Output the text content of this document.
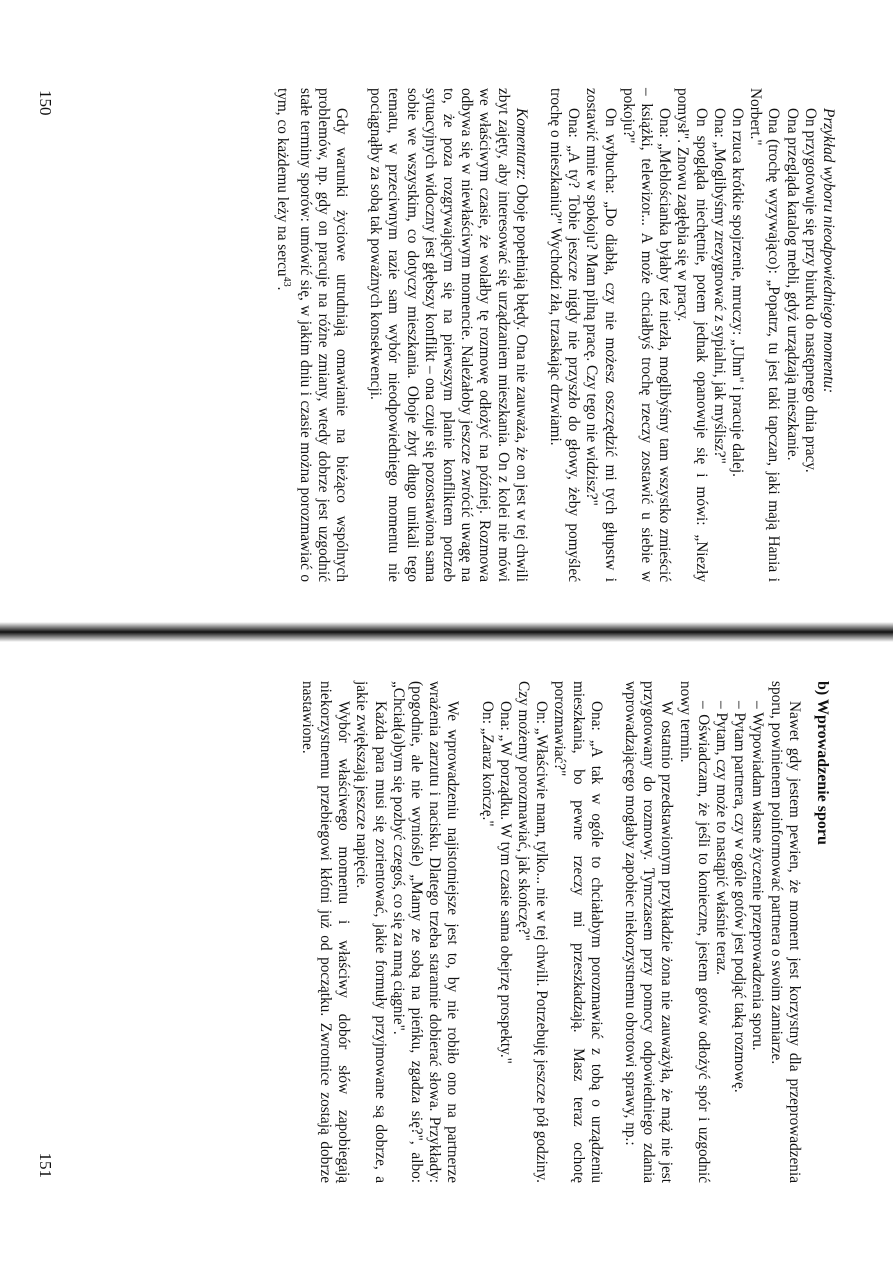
Przykład wyboru nieodpowiedniego momentu:

On przygotowuje się przy biurku do następnego dnia pracy.

Ona przegląda katalog mebli, gdyż urządzają mieszkanie.

Ona (trochę wyzywająco): „Popatrz, tu jest taki tapczan, jaki mają Hania i Norbert."

On rzuca krótkie spojrzenie, mruczy: „Uhm" i pracuje dalej.

Ona: „Moglibyśmy zrezygnować z sypialni, jak myślisz?"

On spogląda niechętnie, potem jednak opanowuje się i mówi: „Niezły pomysł". Znowu zagłębia się w pracy.

Ona: „Meblościanka byłaby też niezła, moglibyśmy tam wszystko zmieścić – książki, telewizor... A może chciałbyś trochę rzeczy zostawić u siebie w pokoju?"

On wybucha: „Do diabła, czy nie możesz oszczędzić mi tych głupstw i zostawić mnie w spokoju? Mam pilną pracę. Czy tego nie widzisz?"

Ona: „A ty? Tobie jeszcze nigdy nie przyszło do głowy, żeby pomyśleć trochę o mieszkaniu?" Wychodzi zła, trzaskając drzwiami.

Komentarz: Oboje popełniają błędy. Ona nie zauważa, że on jest w tej chwili zbyt zajęty, aby interesować się urządzaniem mieszkania. On z kolei nie mówi we właściwym czasie, że wolałby tę rozmowę odłożyć na później. Rozmowa odbywa się w niewłaściwym momencie. Należałoby jeszcze zwrócić uwagę na to, że poza rozgrywającym się na pierwszym planie konfliktem potrzeb sytuacyjnych widoczny jest głębszy konflikt – ona czuje się pozostawiona sama sobie we wszystkim, co dotyczy mieszkania. Oboje zbyt długo unikali tego tematu, w przeciwnym razie sam wybór nieodpowiedniego momentu nie pociągnąłby za sobą tak poważnych konsekwencji.

Gdy warunki życiowe utrudniają omawianie na bieżąco wspólnych problemów, np. gdy on pracuje na różne zmiany, wtedy dobrze jest uzgodnić stałe terminy sporów: umówić się, w jakim dniu i czasie można porozmawiać o tym, co każdemu leży na sercu$^{43}$.

150

b) Wprowadzenie sporu

Nawet gdy jestem pewien, że moment jest korzystny dla przeprowadzenia sporu, powinienem poinformować partnera o swoim zamiarze.

– Wypowiadam własne życzenie przeprowadzenia sporu.

– Pytam partnera, czy w ogóle gotów jest podjąć taką rozmowę.

– Pytam, czy może to nastąpić właśnie teraz.

– Oświadczam, że jeśli to konieczne, jestem gotów odłożyć spór i uzgodnić nowy termin.

W ostatnio przedstawionym przykładzie żona nie zauważyła, że mąż nie jest przygotowany do rozmowy. Tymczasem przy pomocy odpowiedniego zdania wprowadzającego mogłaby zapobiec niekorzystnemu obrotowi sprawy, np.:

Ona: „A tak w ogóle to chciałabym porozmawiać z tobą o urządzeniu mieszkania, bo pewne rzeczy mi przeszkadzają. Masz teraz ochotę porozmawiać?"

On: „Właściwie mam, tylko... nie w tej chwili. Potrzebuję jeszcze pół godziny. Czy możemy porozmawiać, jak skończę?"

Ona: „W porządku. W tym czasie sama obejrzę prospekty."

On: „Zaraz kończę."

We wprowadzeniu najistotniejsze jest to, by nie robiło ono na partnerze wrażenia zarzutu i nacisku. Dlatego trzeba starannie dobierać słowa. Przykłady: (pogodnie, ale nie wyniośle) „Mamy ze sobą na pieńku, zgadza się?", albo: „Chciał(a)bym się pozbyć czegoś, co się za mną ciągnie".

Każda para musi się zorientować, jakie formuły przyjmowane są dobrze, a jakie zwiększają jeszcze napięcie.

Wybór właściwego momentu i właściwy dobór słów zapobiegają niekorzystnemu przebiegowi kłótni już od początku. Zwrotnice zostają dobrze nastawione.

151
